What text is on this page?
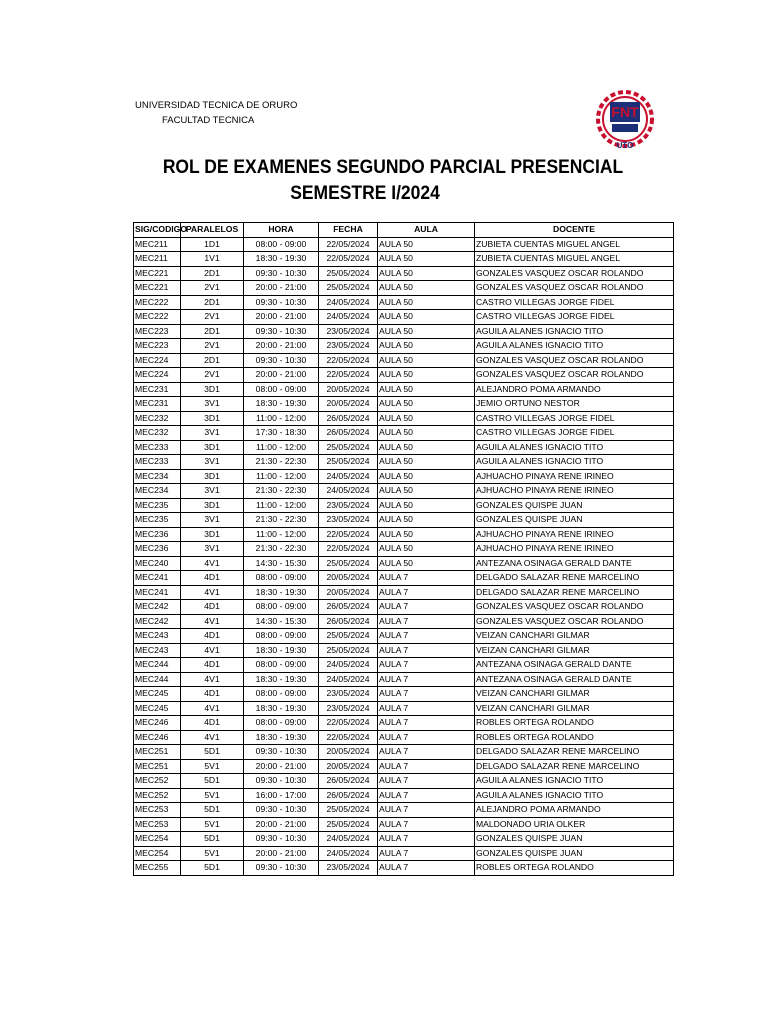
UNIVERSIDAD TECNICA DE ORURO
FACULTAD TECNICA
FNT
UTO
ROL DE EXAMENES SEGUNDO PARCIAL PRESENCIAL
SEMESTRE I/2024
SIG/CODIGO	PARALELOS	HORA	FECHA	AULA	DOCENTE
MEC211	1D1	08:00 - 09:00	22/05/2024	AULA 50	ZUBIETA CUENTAS MIGUEL ANGEL
MEC211	1V1	18:30 - 19:30	22/05/2024	AULA 50	ZUBIETA CUENTAS MIGUEL ANGEL
MEC221	2D1	09:30 - 10:30	25/05/2024	AULA 50	GONZALES VASQUEZ OSCAR ROLANDO
MEC221	2V1	20:00 - 21:00	25/05/2024	AULA 50	GONZALES VASQUEZ OSCAR ROLANDO
MEC222	2D1	09:30 - 10:30	24/05/2024	AULA 50	CASTRO VILLEGAS JORGE FIDEL
MEC222	2V1	20:00 - 21:00	24/05/2024	AULA 50	CASTRO VILLEGAS JORGE FIDEL
MEC223	2D1	09:30 - 10:30	23/05/2024	AULA 50	AGUILA ALANES IGNACIO TITO
MEC223	2V1	20:00 - 21:00	23/05/2024	AULA 50	AGUILA ALANES IGNACIO TITO
MEC224	2D1	09:30 - 10:30	22/05/2024	AULA 50	GONZALES VASQUEZ OSCAR ROLANDO
MEC224	2V1	20:00 - 21:00	22/05/2024	AULA 50	GONZALES VASQUEZ OSCAR ROLANDO
MEC231	3D1	08:00 - 09:00	20/05/2024	AULA 50	ALEJANDRO POMA ARMANDO
MEC231	3V1	18:30 - 19:30	20/05/2024	AULA 50	JEMIO ORTUNO NESTOR
MEC232	3D1	11:00 - 12:00	26/05/2024	AULA 50	CASTRO VILLEGAS JORGE FIDEL
MEC232	3V1	17:30 - 18:30	26/05/2024	AULA 50	CASTRO VILLEGAS JORGE FIDEL
MEC233	3D1	11:00 - 12:00	25/05/2024	AULA 50	AGUILA ALANES IGNACIO TITO
MEC233	3V1	21:30 - 22:30	25/05/2024	AULA 50	AGUILA ALANES IGNACIO TITO
MEC234	3D1	11:00 - 12:00	24/05/2024	AULA 50	AJHUACHO PINAYA RENE IRINEO
MEC234	3V1	21:30 - 22:30	24/05/2024	AULA 50	AJHUACHO PINAYA RENE IRINEO
MEC235	3D1	11:00 - 12:00	23/05/2024	AULA 50	GONZALES QUISPE JUAN
MEC235	3V1	21:30 - 22:30	23/05/2024	AULA 50	GONZALES QUISPE JUAN
MEC236	3D1	11:00 - 12:00	22/05/2024	AULA 50	AJHUACHO PINAYA RENE IRINEO
MEC236	3V1	21:30 - 22:30	22/05/2024	AULA 50	AJHUACHO PINAYA RENE IRINEO
MEC240	4V1	14:30 - 15:30	25/05/2024	AULA 50	ANTEZANA OSINAGA GERALD DANTE
MEC241	4D1	08:00 - 09:00	20/05/2024	AULA 7	DELGADO SALAZAR RENE MARCELINO
MEC241	4V1	18:30 - 19:30	20/05/2024	AULA 7	DELGADO SALAZAR RENE MARCELINO
MEC242	4D1	08:00 - 09:00	26/05/2024	AULA 7	GONZALES VASQUEZ OSCAR ROLANDO
MEC242	4V1	14:30 - 15:30	26/05/2024	AULA 7	GONZALES VASQUEZ OSCAR ROLANDO
MEC243	4D1	08:00 - 09:00	25/05/2024	AULA 7	VEIZAN CANCHARI GILMAR
MEC243	4V1	18:30 - 19:30	25/05/2024	AULA 7	VEIZAN CANCHARI GILMAR
MEC244	4D1	08:00 - 09:00	24/05/2024	AULA 7	ANTEZANA OSINAGA GERALD DANTE
MEC244	4V1	18:30 - 19:30	24/05/2024	AULA 7	ANTEZANA OSINAGA GERALD DANTE
MEC245	4D1	08:00 - 09:00	23/05/2024	AULA 7	VEIZAN CANCHARI GILMAR
MEC245	4V1	18:30 - 19:30	23/05/2024	AULA 7	VEIZAN CANCHARI GILMAR
MEC246	4D1	08:00 - 09:00	22/05/2024	AULA 7	ROBLES ORTEGA ROLANDO
MEC246	4V1	18:30 - 19:30	22/05/2024	AULA 7	ROBLES ORTEGA ROLANDO
MEC251	5D1	09:30 - 10:30	20/05/2024	AULA 7	DELGADO SALAZAR RENE MARCELINO
MEC251	5V1	20:00 - 21:00	20/05/2024	AULA 7	DELGADO SALAZAR RENE MARCELINO
MEC252	5D1	09:30 - 10:30	26/05/2024	AULA 7	AGUILA ALANES IGNACIO TITO
MEC252	5V1	16:00 - 17:00	26/05/2024	AULA 7	AGUILA ALANES IGNACIO TITO
MEC253	5D1	09:30 - 10:30	25/05/2024	AULA 7	ALEJANDRO POMA ARMANDO
MEC253	5V1	20:00 - 21:00	25/05/2024	AULA 7	MALDONADO URIA OLKER
MEC254	5D1	09:30 - 10:30	24/05/2024	AULA 7	GONZALES QUISPE JUAN
MEC254	5V1	20:00 - 21:00	24/05/2024	AULA 7	GONZALES QUISPE JUAN
MEC255	5D1	09:30 - 10:30	23/05/2024	AULA 7	ROBLES ORTEGA ROLANDO
